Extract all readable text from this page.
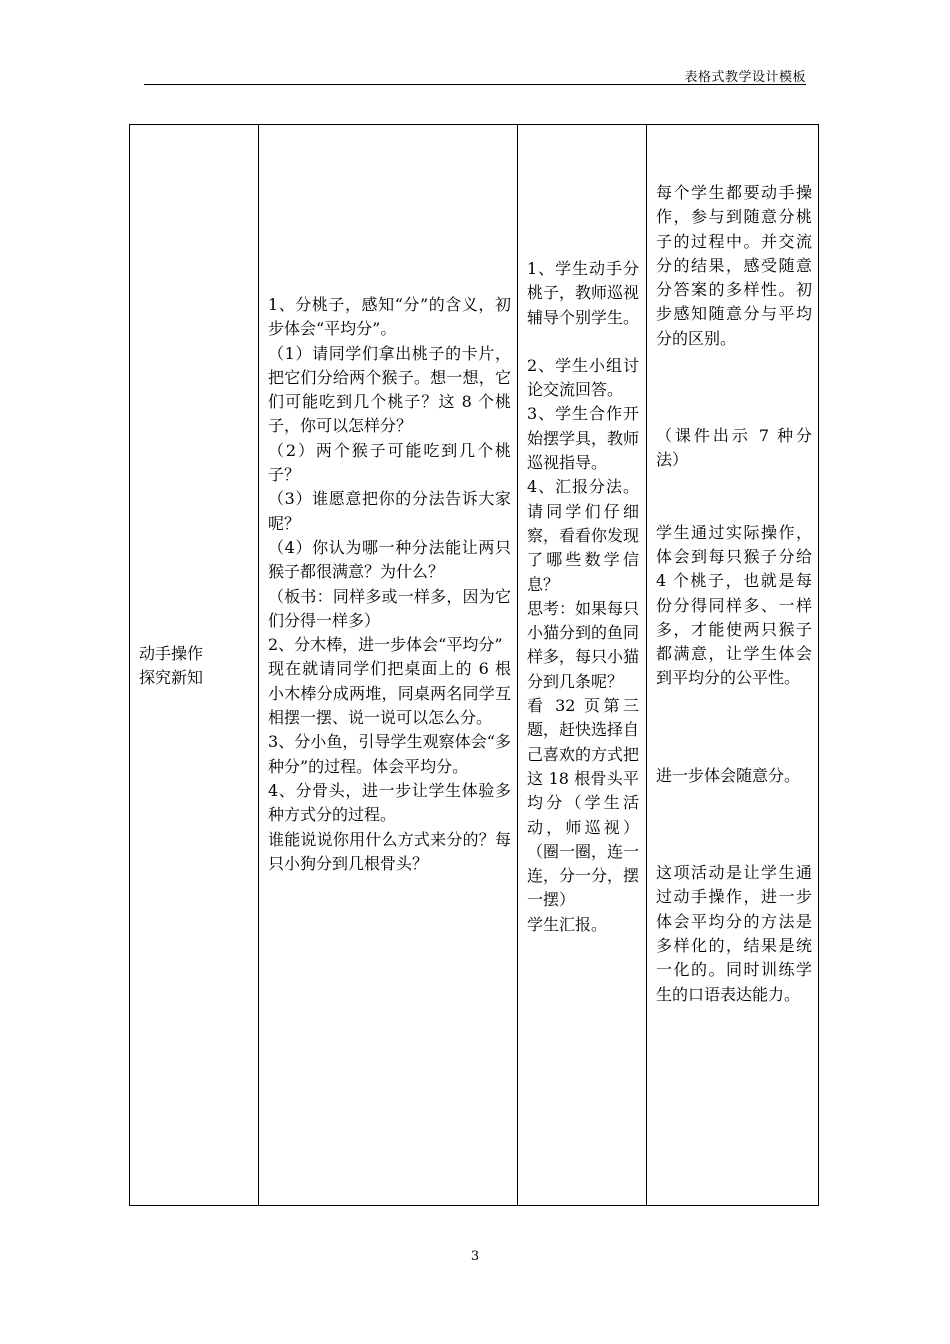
表格式教学设计模板
动手操作
探究新知
1、分桃子，感知“分”的含义，初步体会“平均分”。
（1）请同学们拿出桃子的卡片，把它们分给两个猴子。想一想，它们可能吃到几个桃子？这 8 个桃子，你可以怎样分？
（2）两个猴子可能吃到几个桃子？
（3）谁愿意把你的分法告诉大家呢？
（4）你认为哪一种分法能让两只猴子都很满意？为什么？
（板书：同样多或一样多，因为它们分得一样多）
2、分木棒，进一步体会“平均分”
现在就请同学们把桌面上的 6 根小木棒分成两堆，同桌两名同学互相摆一摆、说一说可以怎么分。
3、分小鱼，引导学生观察体会“多种分”的过程。体会平均分。
4、分骨头，进一步让学生体验多种方式分的过程。
谁能说说你用什么方式来分的？每只小狗分到几根骨头？
1、学生动手分桃子，教师巡视辅导个别学生。
2、学生小组讨论交流回答。
3、学生合作开始摆学具，教师巡视指导。
4、汇报分法。请同学们仔细察，看看你发现了哪些数学信息？
思考：如果每只小猫分到的鱼同样多，每只小猫分到几条呢？
看 32 页第三题，赶快选择自己喜欢的方式把这 18 根骨头平均分（学生活动，师巡视）（圈一圈，连一连，分一分，摆一摆）
学生汇报。
每个学生都要动手操作，参与到随意分桃子的过程中。并交流分的结果，感受随意分答案的多样性。初步感知随意分与平均分的区别。
（课件出示 7 种分法）
学生通过实际操作，体会到每只猴子分给 4 个桃子，也就是每份分得同样多、一样多，才能使两只猴子都满意，让学生体会到平均分的公平性。
进一步体会随意分。
这项活动是让学生通过动手操作，进一步体会平均分的方法是多样化的，结果是统一化的。同时训练学生的口语表达能力。
3
